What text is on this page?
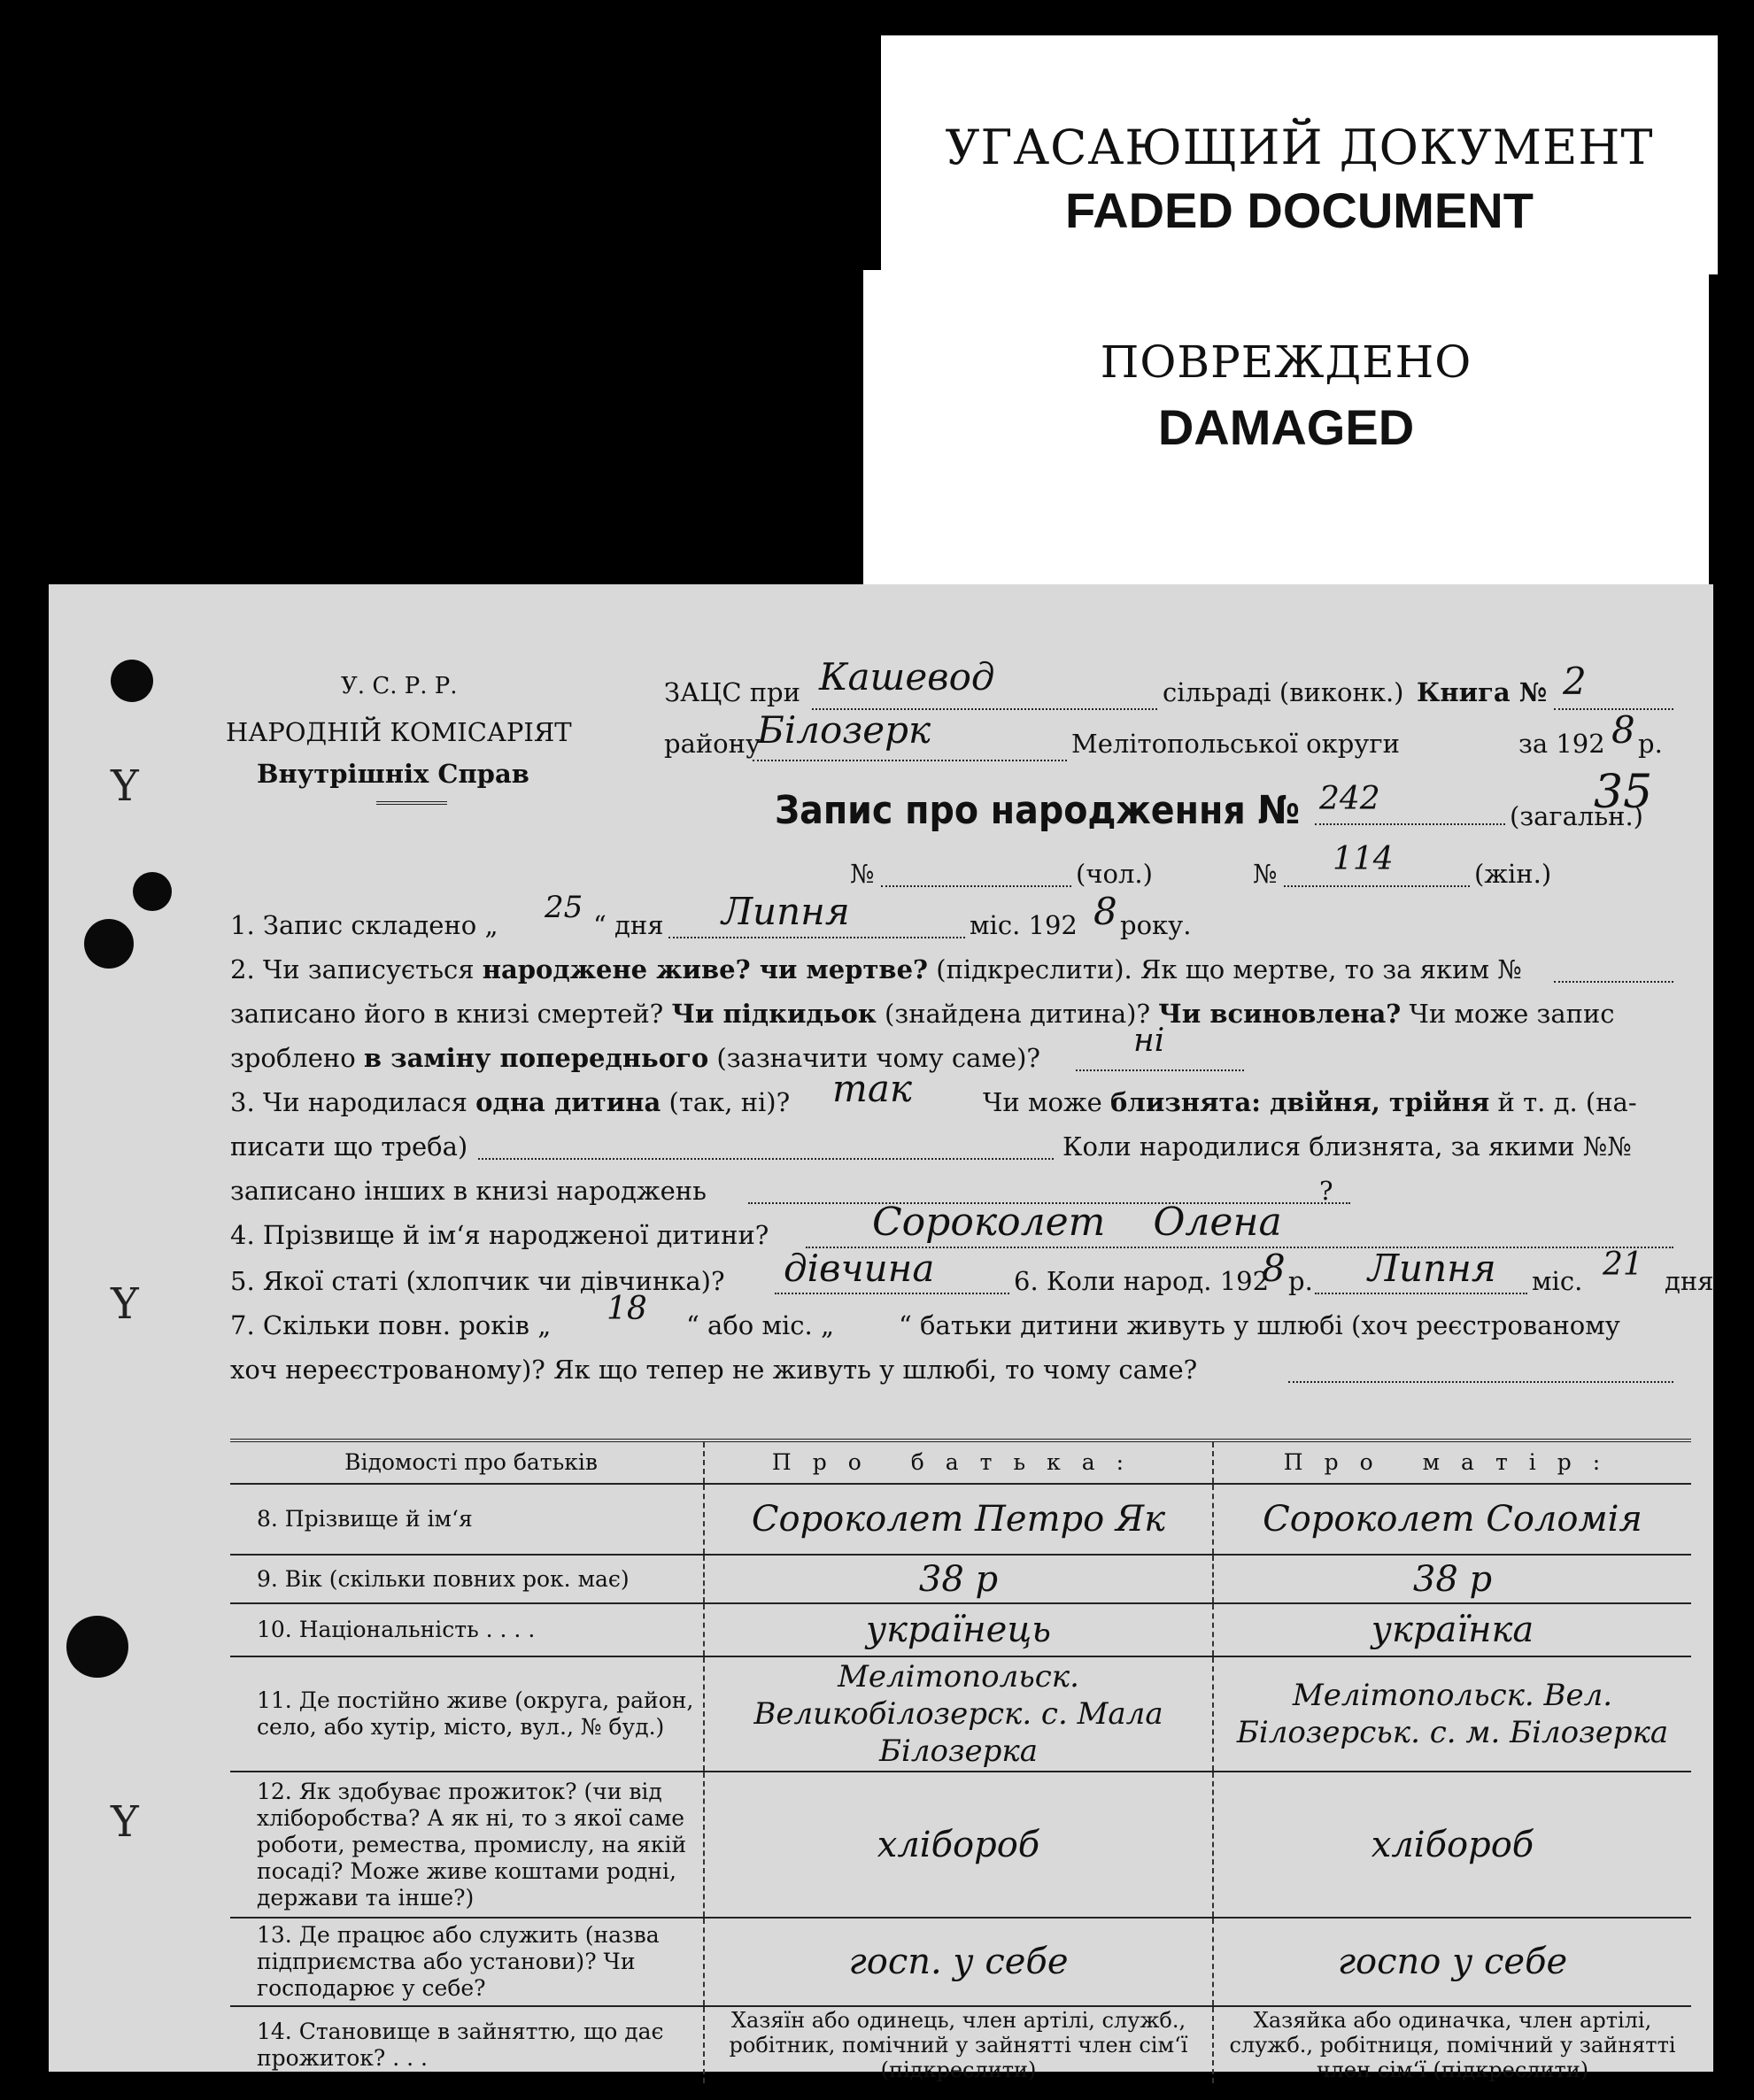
УГАСАЮЩИЙ ДОКУМЕНТ
FADED DOCUMENT
ПОВРЕЖДЕНО
DAMAGED
Y
Y
Y
У. С. Р. Р.
НАРОДНІЙ КОМІСАРІЯТ
Внутрішніх Справ
ЗАЦС при Кашевод	сільраді (виконк.) Книга № 2
району
Білозерк	Мелітопольської округи	за 192 8 р.
Запис про народження № 242	(загальн.)
35
№	(чол.)	№ 114	(жін.)
1. Запис складено „ 25 “ дня Липня	міс. 192 8 року.
2. Чи записується народжене живе? чи мертве? (підкреслити). Як що мертве, то за яким №
записано його в книзі смертей? Чи підкидьок (знайдена дитина)? Чи всиновлена? Чи може запис
зроблено в заміну попереднього (зазначити чому саме)?	ні
3. Чи народилася одна дитина (так, ні)? так	Чи може близнята: двійня, трійня й т. д. (на-
писати що треба)	Коли народилися близнята, за якими №№
записано інших в книзі народжень	?
4. Прізвище й ім‘я народженої дитини?	Сороколет Олена
5. Якої статі (хлопчик чи дівчинка)? дівчина	6. Коли народ. 192
8 р. Липня міс. 21 дня
7. Скільки повн. років „ 18 “ або міс. „	“ батьки дитини живуть у шлюбі (хоч реєстрованому
хоч нереєстрованому)? Як що тепер не живуть у шлюбі, то чому саме?
Відомості про батьків	Про батька:	Про матір:
8. Прізвище й ім‘я	Сороколет Петро Як	Сороколет Соломія
9. Вік (скільки повних рок. має)	38 р	38 р
10. Національність . . . .	українець	українка
11. Де постійно живе (округа, район, село, або хутір, місто, вул., № буд.)	Мелітопольск. Великобілозерск. с. Мала Білозерка	Мелітопольск. Вел. Білозерськ. с. м. Білозерка
12. Як здобуває прожиток? (чи від хліборобства? А як ні, то з якої саме роботи, ремества, промислу, на якій посаді? Може живе коштами родні, держави та інше?)	хлібороб	хлібороб
13. Де працює або служить (назва підприємства або установи)? Чи господарює у себе?	госп. у себе	госпо у себе
14. Становище в зайняттю, що дає прожиток? . . .	Хазяїн або одинець, член артілі, служб., робітник, помічний у зайнятті член сім‘ї (підкреслити)	Хазяйка або одиначка, член артілі, служб., робітниця, помічний у зайнятті член сім‘ї (підкреслити)
